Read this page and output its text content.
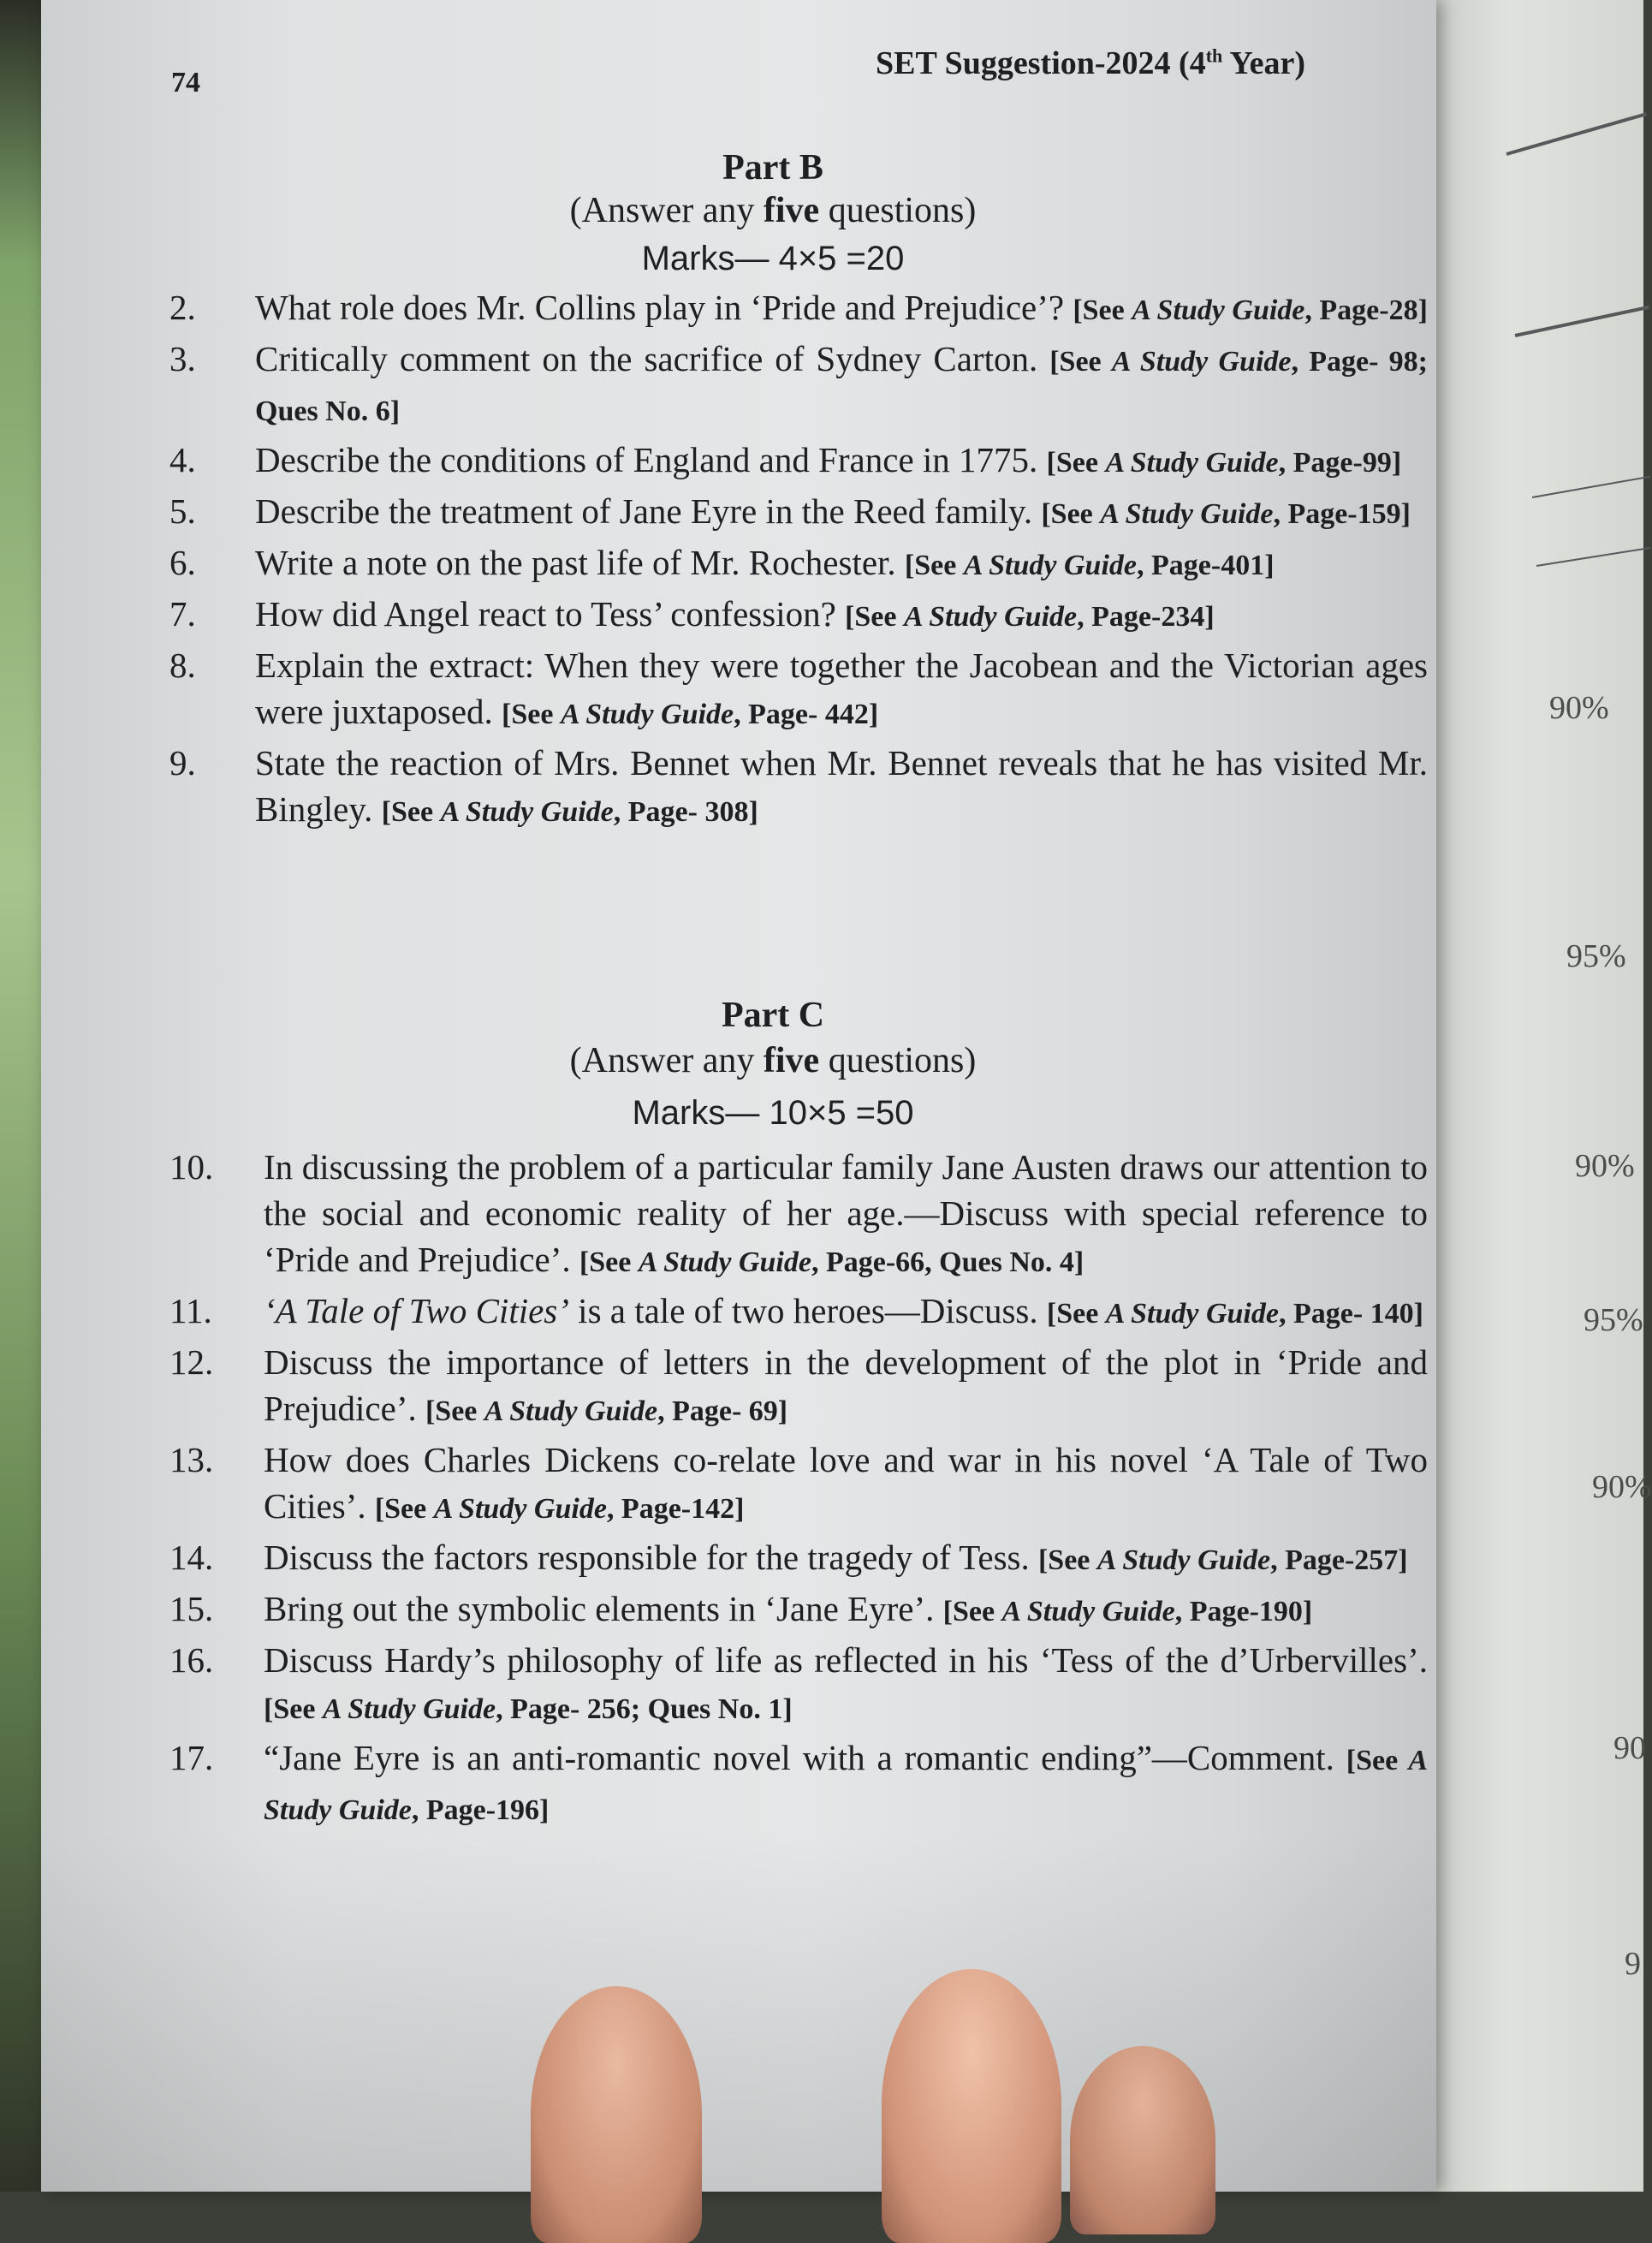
90%
95%
90%
95%
90%
90
9
74
SET Suggestion-2024 (4th Year)
Part B
(Answer any five questions)
Marks— 4×5 =20
2.	What role does Mr. Collins play in ‘Pride and Prejudice’? [See A Study Guide, Page-28]
3.	Critically comment on the sacrifice of Sydney Carton. [See A Study Guide, Page- 98; Ques No. 6]
4.	Describe the conditions of England and France in 1775. [See A Study Guide, Page-99]
5.	Describe the treatment of Jane Eyre in the Reed family. [See A Study Guide, Page-159]
6.	Write a note on the past life of Mr. Rochester. [See A Study Guide, Page-401]
7.	How did Angel react to Tess’ confession? [See A Study Guide, Page-234]
8.	Explain the extract: When they were together the Jacobean and the Victorian ages were juxtaposed. [See A Study Guide, Page- 442]
9.	State the reaction of Mrs. Bennet when Mr. Bennet reveals that he has visited Mr. Bingley. [See A Study Guide, Page- 308]
Part C
(Answer any five questions)
Marks— 10×5 =50
10.	In discussing the problem of a particular family Jane Austen draws our attention to the social and economic reality of her age.—Discuss with special reference to ‘Pride and Prejudice’. [See A Study Guide, Page-66, Ques No. 4]
11.	‘A Tale of Two Cities’ is a tale of two heroes—Discuss. [See A Study Guide, Page- 140]
12.	Discuss the importance of letters in the development of the plot in ‘Pride and Prejudice’. [See A Study Guide, Page- 69]
13.	How does Charles Dickens co-relate love and war in his novel ‘A Tale of Two Cities’. [See A Study Guide, Page-142]
14.	Discuss the factors responsible for the tragedy of Tess. [See A Study Guide, Page-257]
15.	Bring out the symbolic elements in ‘Jane Eyre’. [See A Study Guide, Page-190]
16.	Discuss Hardy’s philosophy of life as reflected in his ‘Tess of the d’Urbervilles’. [See A Study Guide, Page- 256; Ques No. 1]
17.	“Jane Eyre is an anti-romantic novel with a romantic ending”—Comment. [See A Study Guide, Page-196]
